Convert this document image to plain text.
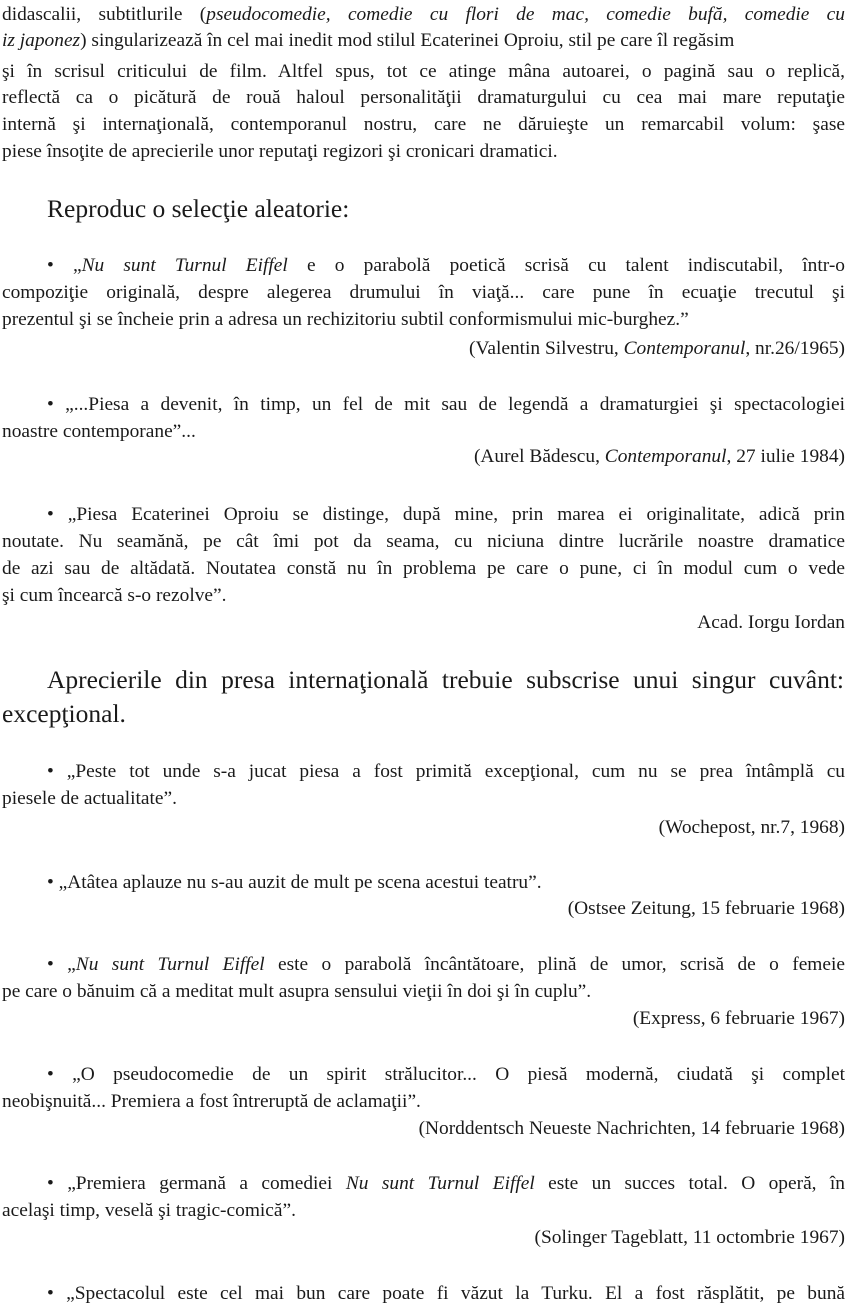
didascalii, subtitlurile (pseudocomedie, comedie cu flori de mac, comedie bufă, comedie cu
iz japonez) singularizează în cel mai inedit mod stilul Ecaterinei Oproiu, stil pe care îl regăsim
şi în scrisul criticului de film. Altfel spus, tot ce atinge mâna autoarei, o pagină sau o replică,
reflectă ca o picătură de rouă haloul personalităţii dramaturgului cu cea mai mare reputaţie
internă şi internaţională, contemporanul nostru, care ne dăruieşte un remarcabil volum: şase
piese însoţite de aprecierile unor reputaţi regizori şi cronicari dramatici.
Reproduc o selecţie aleatorie:
• „Nu sunt Turnul Eiffel e o parabolă poetică scrisă cu talent indiscutabil, într-o
compoziţie originală, despre alegerea drumului în viaţă... care pune în ecuaţie trecutul şi
prezentul şi se încheie prin a adresa un rechizitoriu subtil conformismului mic-burghez.”
(Valentin Silvestru, Contemporanul, nr.26/1965)
• „...Piesa a devenit, în timp, un fel de mit sau de legendă a dramaturgiei şi spectacologiei
noastre contemporane”...
(Aurel Bădescu, Contemporanul, 27 iulie 1984)
• „Piesa Ecaterinei Oproiu se distinge, după mine, prin marea ei originalitate, adică prin
noutate. Nu seamănă, pe cât îmi pot da seama, cu niciuna dintre lucrările noastre dramatice
de azi sau de altădată. Noutatea constă nu în problema pe care o pune, ci în modul cum o vede
şi cum încearcă s-o rezolve”.
Acad. Iorgu Iordan
Aprecierile din presa internaţională trebuie subscrise unui singur cuvânt:
excepţional.
• „Peste tot unde s-a jucat piesa a fost primită excepţional, cum nu se prea întâmplă cu
piesele de actualitate”.
(Wochepost, nr.7, 1968)
• „Atâtea aplauze nu s-au auzit de mult pe scena acestui teatru”.
(Ostsee Zeitung, 15 februarie 1968)
• „Nu sunt Turnul Eiffel este o parabolă încântătoare, plină de umor, scrisă de o femeie
pe care o bănuim că a meditat mult asupra sensului vieţii în doi şi în cuplu”.
(Express, 6 februarie 1967)
• „O pseudocomedie de un spirit strălucitor... O piesă modernă, ciudată şi complet
neobişnuită... Premiera a fost întreruptă de aclamaţii”.
(Norddentsch Neueste Nachrichten, 14 februarie 1968)
• „Premiera germană a comediei Nu sunt Turnul Eiffel este un succes total. O operă, în
acelaşi timp, veselă şi tragic-comică”.
(Solinger Tageblatt, 11 octombrie 1967)
• „Spectacolul este cel mai bun care poate fi văzut la Turku. El a fost răsplătit, pe bună
